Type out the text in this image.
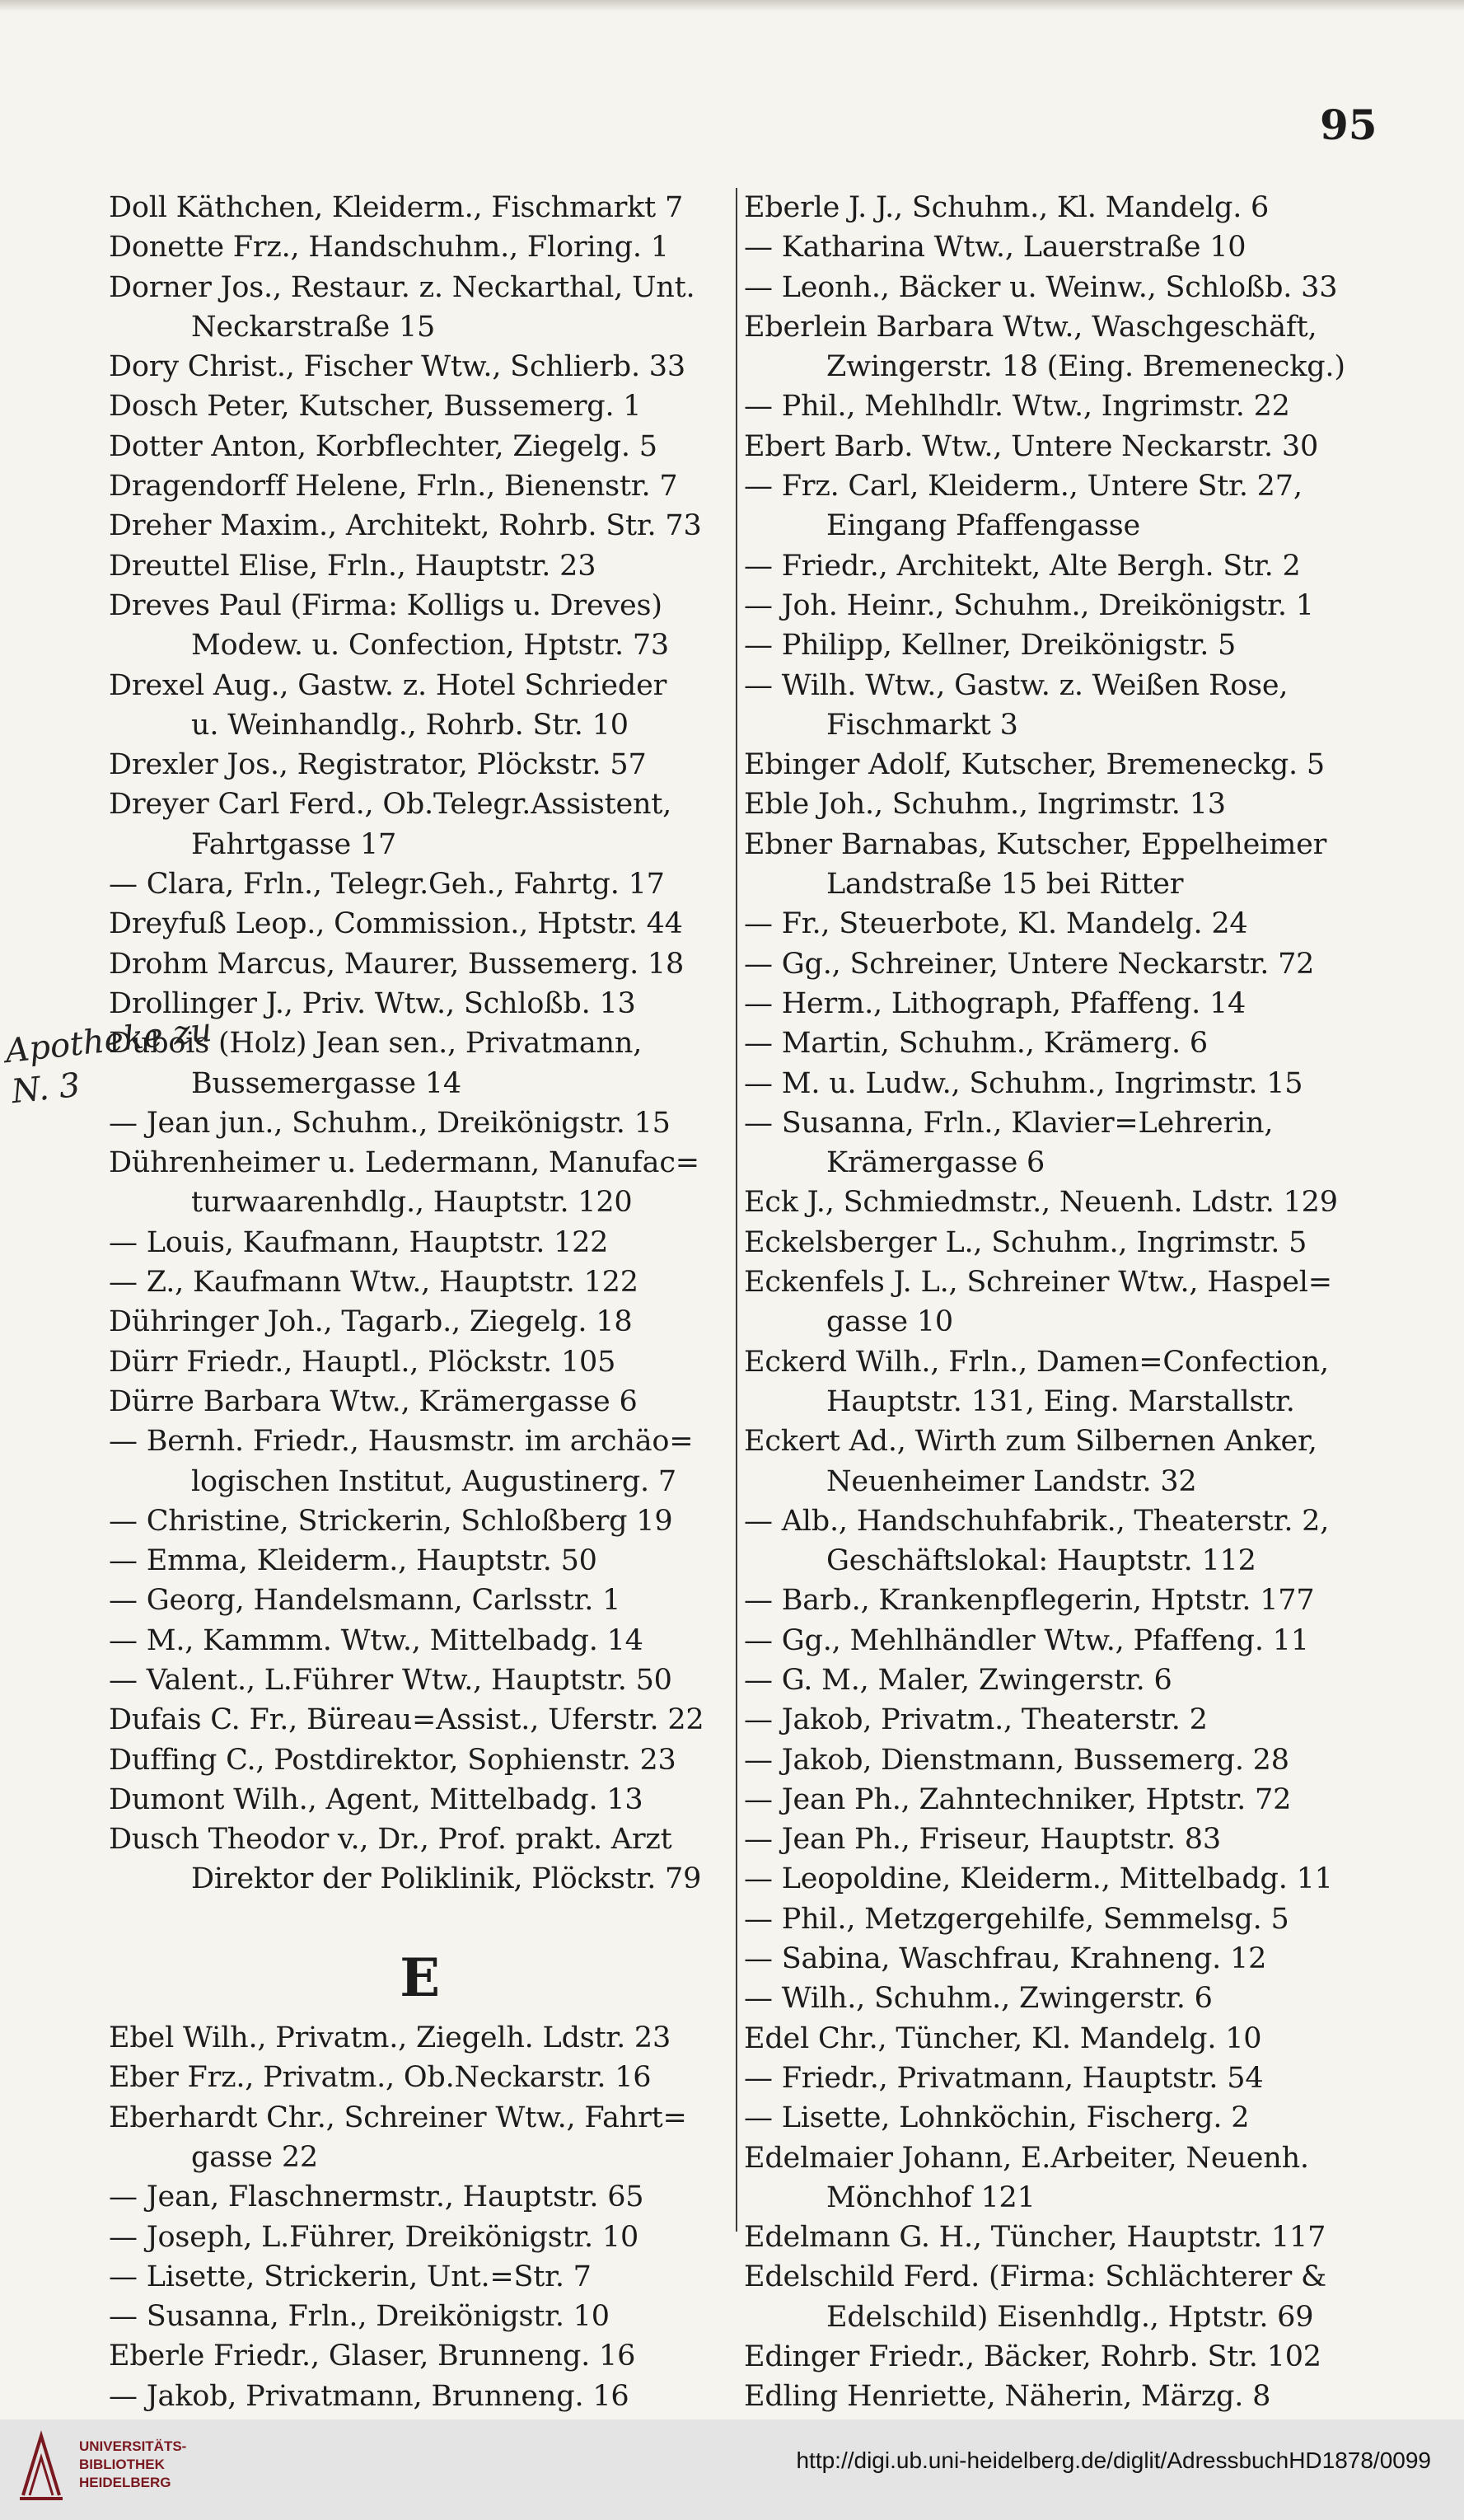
95
Doll Käthchen, Kleiderm., Fischmarkt 7
Donette Frz., Handschuhm., Floring. 1
Dorner Jos., Restaur. z. Neckarthal, Unt.
Neckarstraße 15
Dory Christ., Fischer Wtw., Schlierb. 33
Dosch Peter, Kutscher, Bussemerg. 1
Dotter Anton, Korbflechter, Ziegelg. 5
Dragendorff Helene, Frln., Bienenstr. 7
Dreher Maxim., Architekt, Rohrb. Str. 73
Dreuttel Elise, Frln., Hauptstr. 23
Dreves Paul (Firma: Kolligs u. Dreves)
Modew. u. Confection, Hptstr. 73
Drexel Aug., Gastw. z. Hotel Schrieder
u. Weinhandlg., Rohrb. Str. 10
Drexler Jos., Registrator, Plöckstr. 57
Dreyer Carl Ferd., Ob.Telegr.Assistent,
Fahrtgasse 17
— Clara, Frln., Telegr.Geh., Fahrtg. 17
Dreyfuß Leop., Commission., Hptstr. 44
Drohm Marcus, Maurer, Bussemerg. 18
Drollinger J., Priv. Wtw., Schloßb. 13
Dubois (Holz) Jean sen., Privatmann,
Bussemergasse 14
— Jean jun., Schuhm., Dreikönigstr. 15
Dührenheimer u. Ledermann, Manufac=
turwaarenhdlg., Hauptstr. 120
— Louis, Kaufmann, Hauptstr. 122
— Z., Kaufmann Wtw., Hauptstr. 122
Dühringer Joh., Tagarb., Ziegelg. 18
Dürr Friedr., Hauptl., Plöckstr. 105
Dürre Barbara Wtw., Krämergasse 6
— Bernh. Friedr., Hausmstr. im archäo=
logischen Institut, Augustinerg. 7
— Christine, Strickerin, Schloßberg 19
— Emma, Kleiderm., Hauptstr. 50
— Georg, Handelsmann, Carlsstr. 1
— M., Kammm. Wtw., Mittelbadg. 14
— Valent., L.Führer Wtw., Hauptstr. 50
Dufais C. Fr., Büreau=Assist., Uferstr. 22
Duffing C., Postdirektor, Sophienstr. 23
Dumont Wilh., Agent, Mittelbadg. 13
Dusch Theodor v., Dr., Prof. prakt. Arzt
Direktor der Poliklinik, Plöckstr. 79
E
Ebel Wilh., Privatm., Ziegelh. Ldstr. 23
Eber Frz., Privatm., Ob.Neckarstr. 16
Eberhardt Chr., Schreiner Wtw., Fahrt=
gasse 22
— Jean, Flaschnermstr., Hauptstr. 65
— Joseph, L.Führer, Dreikönigstr. 10
— Lisette, Strickerin, Unt.=Str. 7
— Susanna, Frln., Dreikönigstr. 10
Eberle Friedr., Glaser, Brunneng. 16
— Jakob, Privatmann, Brunneng. 16
Eberle J. J., Schuhm., Kl. Mandelg. 6
— Katharina Wtw., Lauerstraße 10
— Leonh., Bäcker u. Weinw., Schloßb. 33
Eberlein Barbara Wtw., Waschgeschäft,
Zwingerstr. 18 (Eing. Bremeneckg.)
— Phil., Mehlhdlr. Wtw., Ingrimstr. 22
Ebert Barb. Wtw., Untere Neckarstr. 30
— Frz. Carl, Kleiderm., Untere Str. 27,
Eingang Pfaffengasse
— Friedr., Architekt, Alte Bergh. Str. 2
— Joh. Heinr., Schuhm., Dreikönigstr. 1
— Philipp, Kellner, Dreikönigstr. 5
— Wilh. Wtw., Gastw. z. Weißen Rose,
Fischmarkt 3
Ebinger Adolf, Kutscher, Bremeneckg. 5
Eble Joh., Schuhm., Ingrimstr. 13
Ebner Barnabas, Kutscher, Eppelheimer
Landstraße 15 bei Ritter
— Fr., Steuerbote, Kl. Mandelg. 24
— Gg., Schreiner, Untere Neckarstr. 72
— Herm., Lithograph, Pfaffeng. 14
— Martin, Schuhm., Krämerg. 6
— M. u. Ludw., Schuhm., Ingrimstr. 15
— Susanna, Frln., Klavier=Lehrerin,
Krämergasse 6
Eck J., Schmiedmstr., Neuenh. Ldstr. 129
Eckelsberger L., Schuhm., Ingrimstr. 5
Eckenfels J. L., Schreiner Wtw., Haspel=
gasse 10
Eckerd Wilh., Frln., Damen=Confection,
Hauptstr. 131, Eing. Marstallstr.
Eckert Ad., Wirth zum Silbernen Anker,
Neuenheimer Landstr. 32
— Alb., Handschuhfabrik., Theaterstr. 2,
Geschäftslokal: Hauptstr. 112
— Barb., Krankenpflegerin, Hptstr. 177
— Gg., Mehlhändler Wtw., Pfaffeng. 11
— G. M., Maler, Zwingerstr. 6
— Jakob, Privatm., Theaterstr. 2
— Jakob, Dienstmann, Bussemerg. 28
— Jean Ph., Zahntechniker, Hptstr. 72
— Jean Ph., Friseur, Hauptstr. 83
— Leopoldine, Kleiderm., Mittelbadg. 11
— Phil., Metzgergehilfe, Semmelsg. 5
— Sabina, Waschfrau, Krahneng. 12
— Wilh., Schuhm., Zwingerstr. 6
Edel Chr., Tüncher, Kl. Mandelg. 10
— Friedr., Privatmann, Hauptstr. 54
— Lisette, Lohnköchin, Fischerg. 2
Edelmaier Johann, E.Arbeiter, Neuenh.
Mönchhof 121
Edelmann G. H., Tüncher, Hauptstr. 117
Edelschild Ferd. (Firma: Schlächterer &
Edelschild) Eisenhdlg., Hptstr. 69
Edinger Friedr., Bäcker, Rohrb. Str. 102
Edling Henriette, Näherin, Märzg. 8
Apotheke zu
N. 3
UNIVERSITÄTS-
BIBLIOTHEK
HEIDELBERG
http://digi.ub.uni-heidelberg.de/diglit/AdressbuchHD1878/0099
